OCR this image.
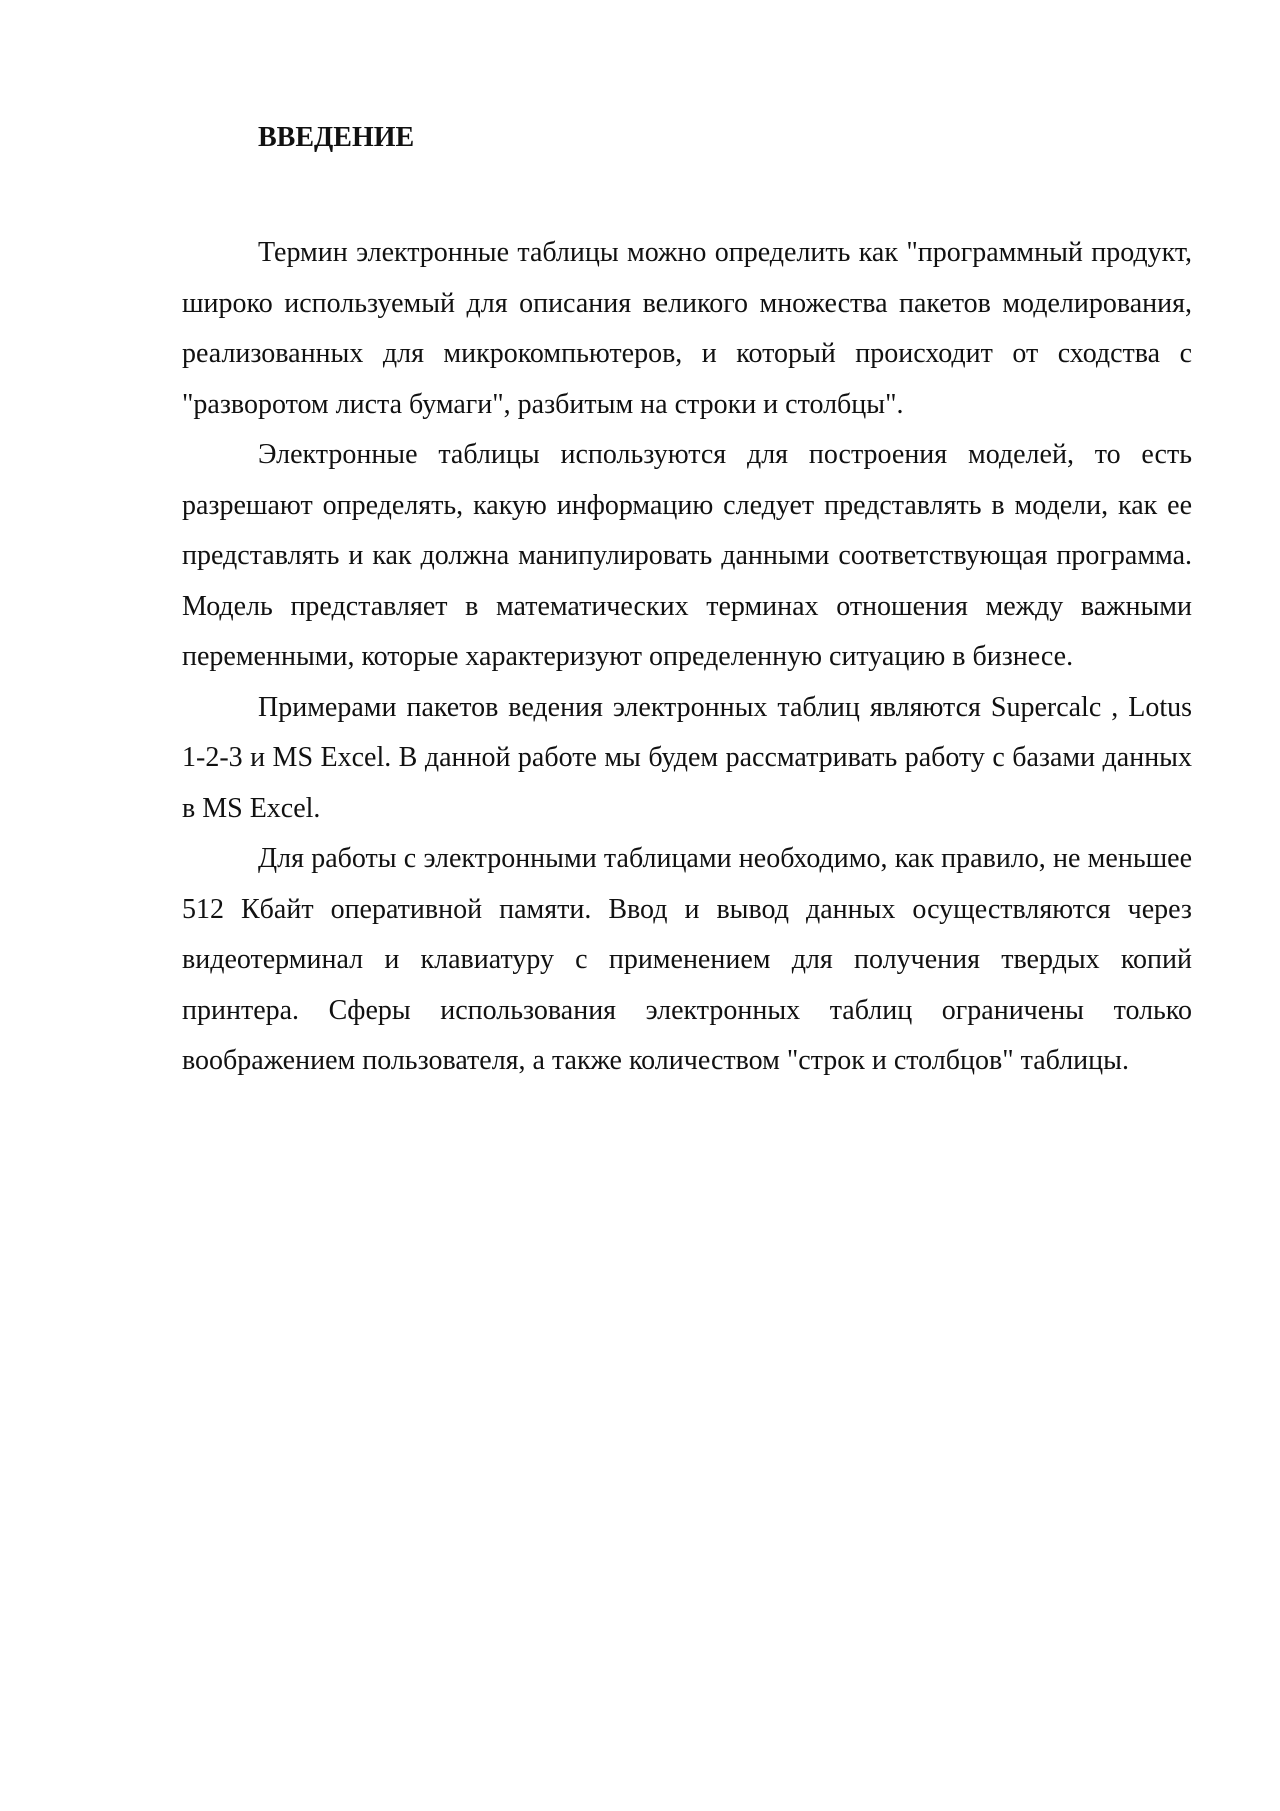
ВВЕДЕНИЕ

Термин электронные таблицы можно определить как "программный продукт, широко используемый для описания великого множества пакетов моделирования, реализованных для микрокомпьютеров, и который происходит от сходства с "разворотом листа бумаги", разбитым на строки и столбцы".

Электронные таблицы используются для построения моделей, то есть разрешают определять, какую информацию следует представлять в модели, как ее представлять и как должна манипулировать данными соответствующая программа. Модель представляет в математических терминах отношения между важными переменными, которые характеризуют определенную ситуацию в бизнесе.

Примерами пакетов ведения электронных таблиц являются Supercalc , Lotus 1-2-3 и MS Excel. В данной работе мы будем рассматривать работу с базами данных в MS Excel.

Для работы с электронными таблицами необходимо, как правило, не меньшее 512 Кбайт оперативной памяти. Ввод и вывод данных осуществляются через видеотерминал и клавиатуру с применением для получения твердых копий принтера. Сферы использования электронных таблиц ограничены только воображением пользователя, а также количеством "строк и столбцов" таблицы.
